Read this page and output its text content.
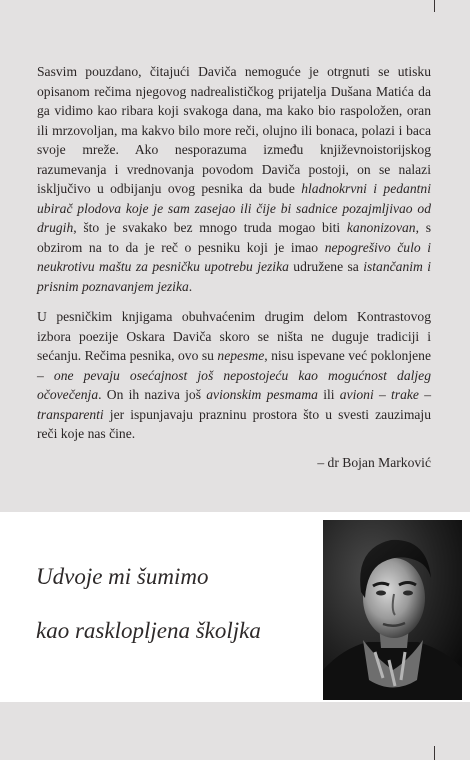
Sasvim pouzdano, čitajući Daviča nemoguće je otrgnuti se utisku opisanom rečima njegovog nadrealističkog prijatelja Dušana Matića da ga vidimo kao ribara koji svakoga dana, ma kako bio raspoložen, oran ili mrzovoljan, ma kakvo bilo more reči, olujno ili bonaca, polazi i baca svoje mreže. Ako nesporazuma između književnoistorijskog razumevanja i vrednovanja povodom Daviča postoji, on se nalazi isključivo u odbijanju ovog pesnika da bude hladnokrvni i pedantni ubirač plodova koje je sam zasejao ili čije bi sadnice pozajmljivao od drugih, što je svakako bez mnogo truda mogao biti kanonizovan, s obzirom na to da je reč o pesniku koji je imao nepogrešivo čulo i neukrotivu maštu za pesničku upotrebu jezika udružene sa istančanim i prisnim poznavanjem jezika.

U pesničkim knjigama obuhvaćenim drugim delom Kontrastovog izbora poezije Oskara Daviča skoro se ništa ne duguje tradiciji i sećanju. Rečima pesnika, ovo su nepesme, nisu ispevane već poklonjene – one pevaju osećajnost još nepostojeću kao mogućnost daljeg očovečenja. On ih naziva još avionskim pesmama ili avioni – trake – transparenti jer ispunjavaju prazninu prostora što u svesti zauzimaju reči koje nas čine.

– dr Bojan Marković
Udvoje mi šumimo
kao rasklopljena školjka
